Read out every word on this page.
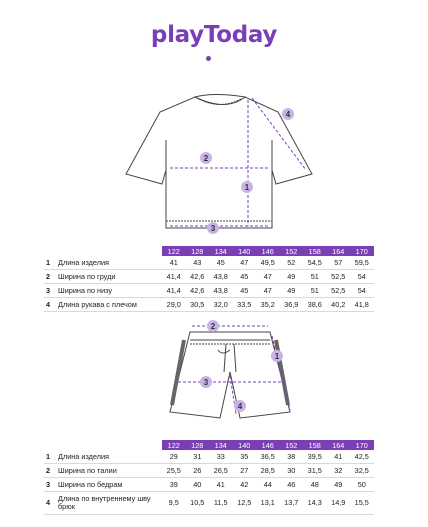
playToday
1
2
3
4
1
2
3
4
		122	128	134	140	146	152	158	164	170
1	Длина изделия	41	43	45	47	49,5	52	54,5	57	59,5
2	Ширина по груди	41,4	42,6	43,8	45	47	49	51	52,5	54
3	Ширина по низу	41,4	42,6	43,8	45	47	49	51	52,5	54
4	Длина рукава с плечом	29,0	30,5	32,0	33,5	35,2	36,9	38,6	40,2	41,8
		122	128	134	140	146	152	158	164	170
1	Длина изделия	29	31	33	35	36,5	38	39,5	41	42,5
2	Ширина по талии	25,5	26	26,5	27	28,5	30	31,5	32	32,5
3	Ширина по бедрам	39	40	41	42	44	46	48	49	50
4	Длина по внутреннему шву брюк	9,5	10,5	11,5	12,5	13,1	13,7	14,3	14,9	15,5
